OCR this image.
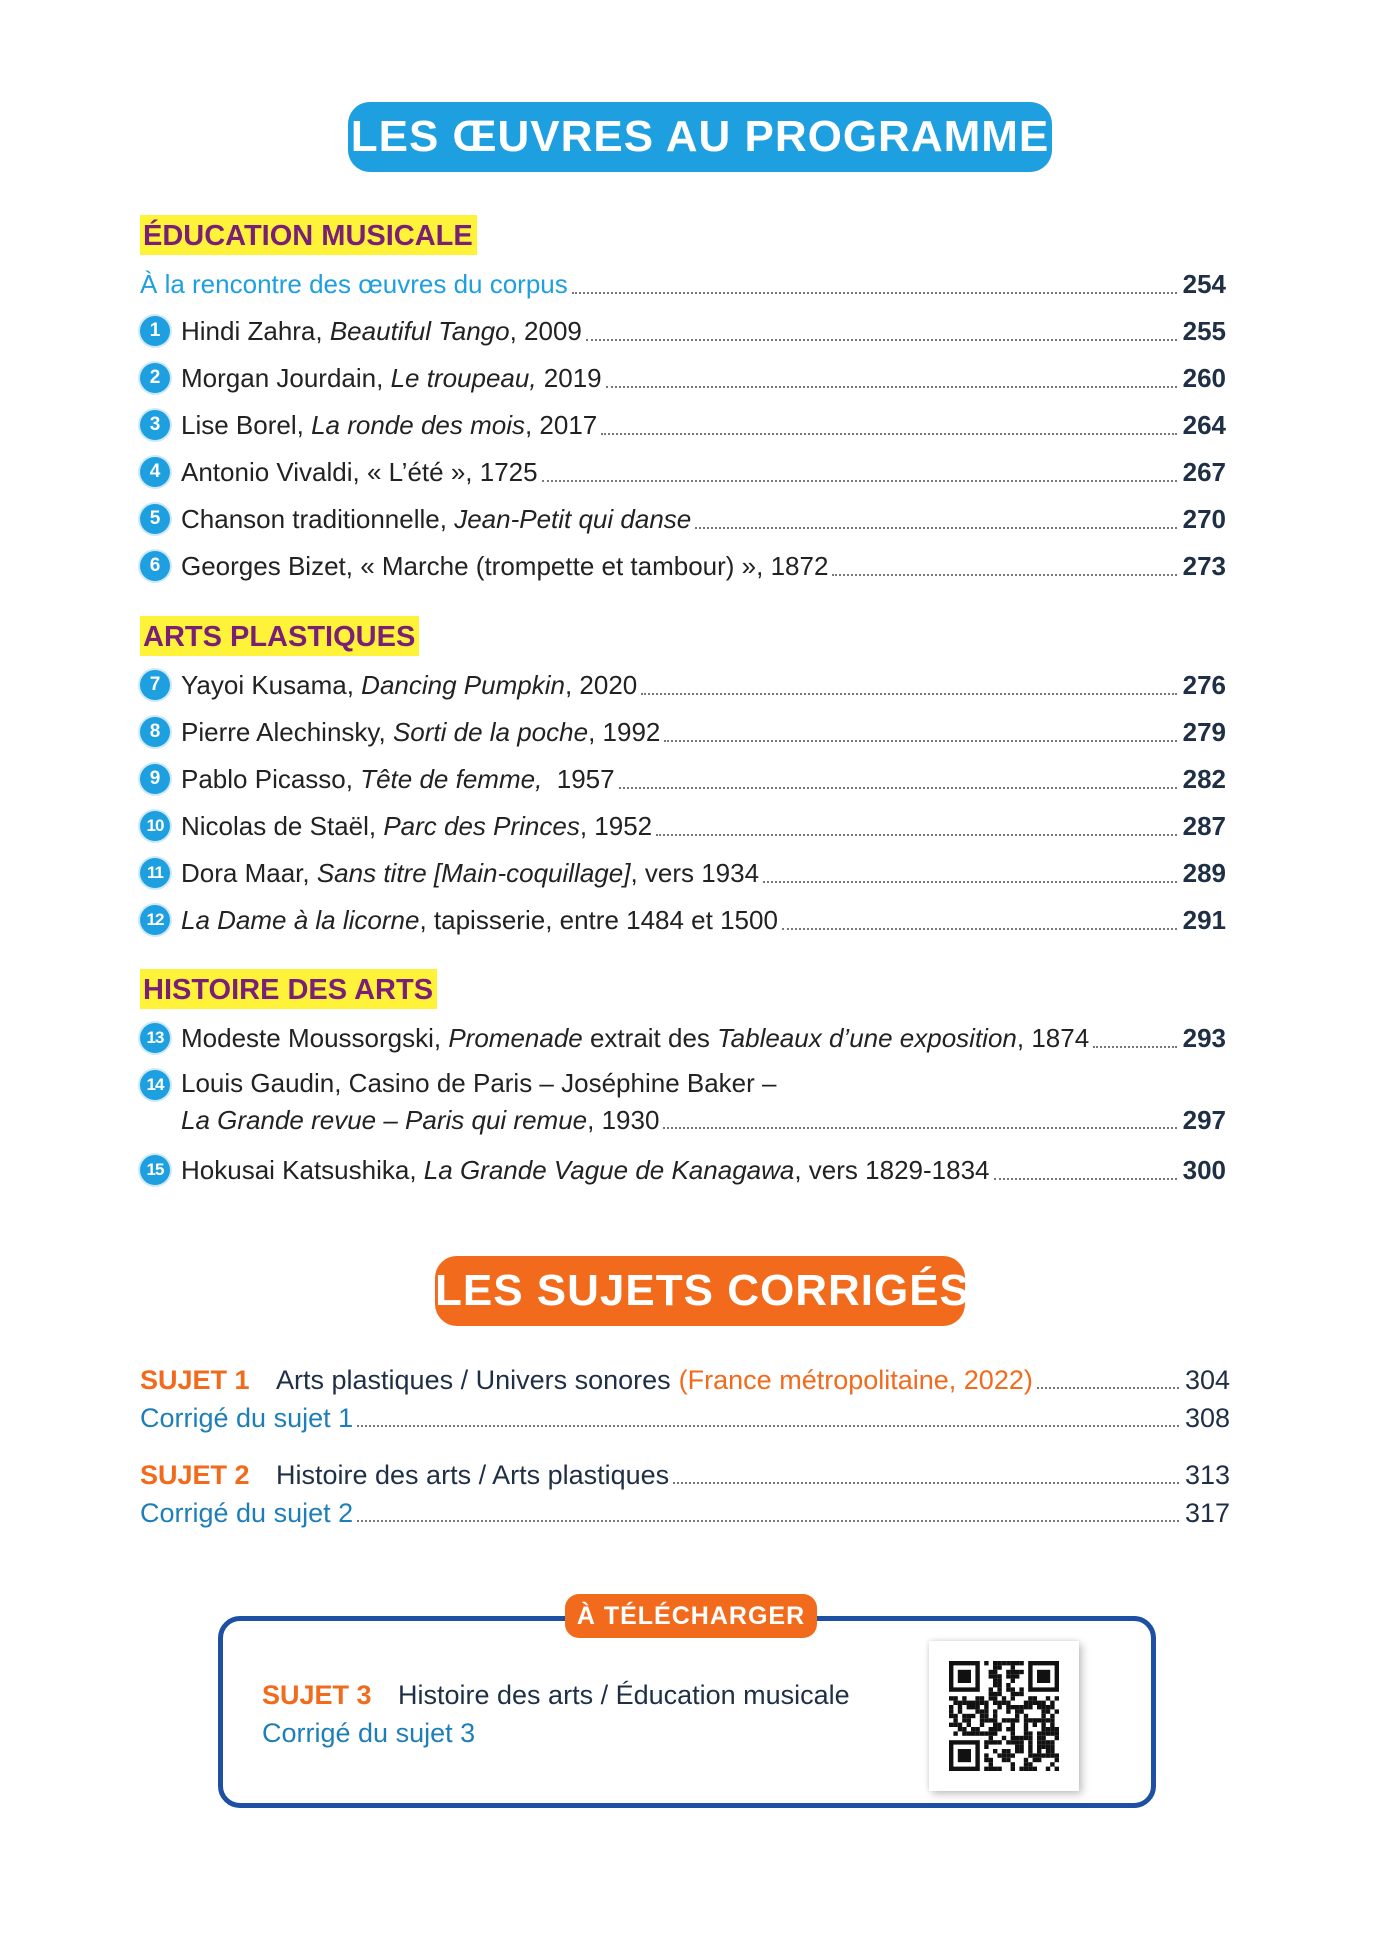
LES ŒUVRES AU PROGRAMME
ÉDUCATION MUSICALE
À la rencontre des œuvres du corpus	254
1 Hindi Zahra, Beautiful Tango, 2009	255
2 Morgan Jourdain, Le troupeau, 2019	260
3 Lise Borel, La ronde des mois, 2017	264
4 Antonio Vivaldi, « L’été », 1725	267
5 Chanson traditionnelle, Jean-Petit qui danse	270
6 Georges Bizet, « Marche (trompette et tambour) », 1872	273
ARTS PLASTIQUES
7 Yayoi Kusama, Dancing Pumpkin, 2020	276
8 Pierre Alechinsky, Sorti de la poche, 1992	279
9 Pablo Picasso, Tête de femme,  1957	282
10 Nicolas de Staël, Parc des Princes, 1952	287
11 Dora Maar, Sans titre [Main-coquillage], vers 1934	289
12 La Dame à la licorne, tapisserie, entre 1484 et 1500	291
HISTOIRE DES ARTS
13 Modeste Moussorgski, Promenade extrait des Tableaux d’une exposition, 1874	293
14 Louis Gaudin, Casino de Paris – Joséphine Baker –
La Grande revue – Paris qui remue, 1930	297
15 Hokusai Katsushika, La Grande Vague de Kanagawa, vers 1829-1834	300
LES SUJETS CORRIGÉS
SUJET 1 Arts plastiques / Univers sonores (France métropolitaine, 2022)	304
Corrigé du sujet 1	308
SUJET 2 Histoire des arts / Arts plastiques	313
Corrigé du sujet 2	317
À TÉLÉCHARGER
SUJET 3 Histoire des arts / Éducation musicale
Corrigé du sujet 3
